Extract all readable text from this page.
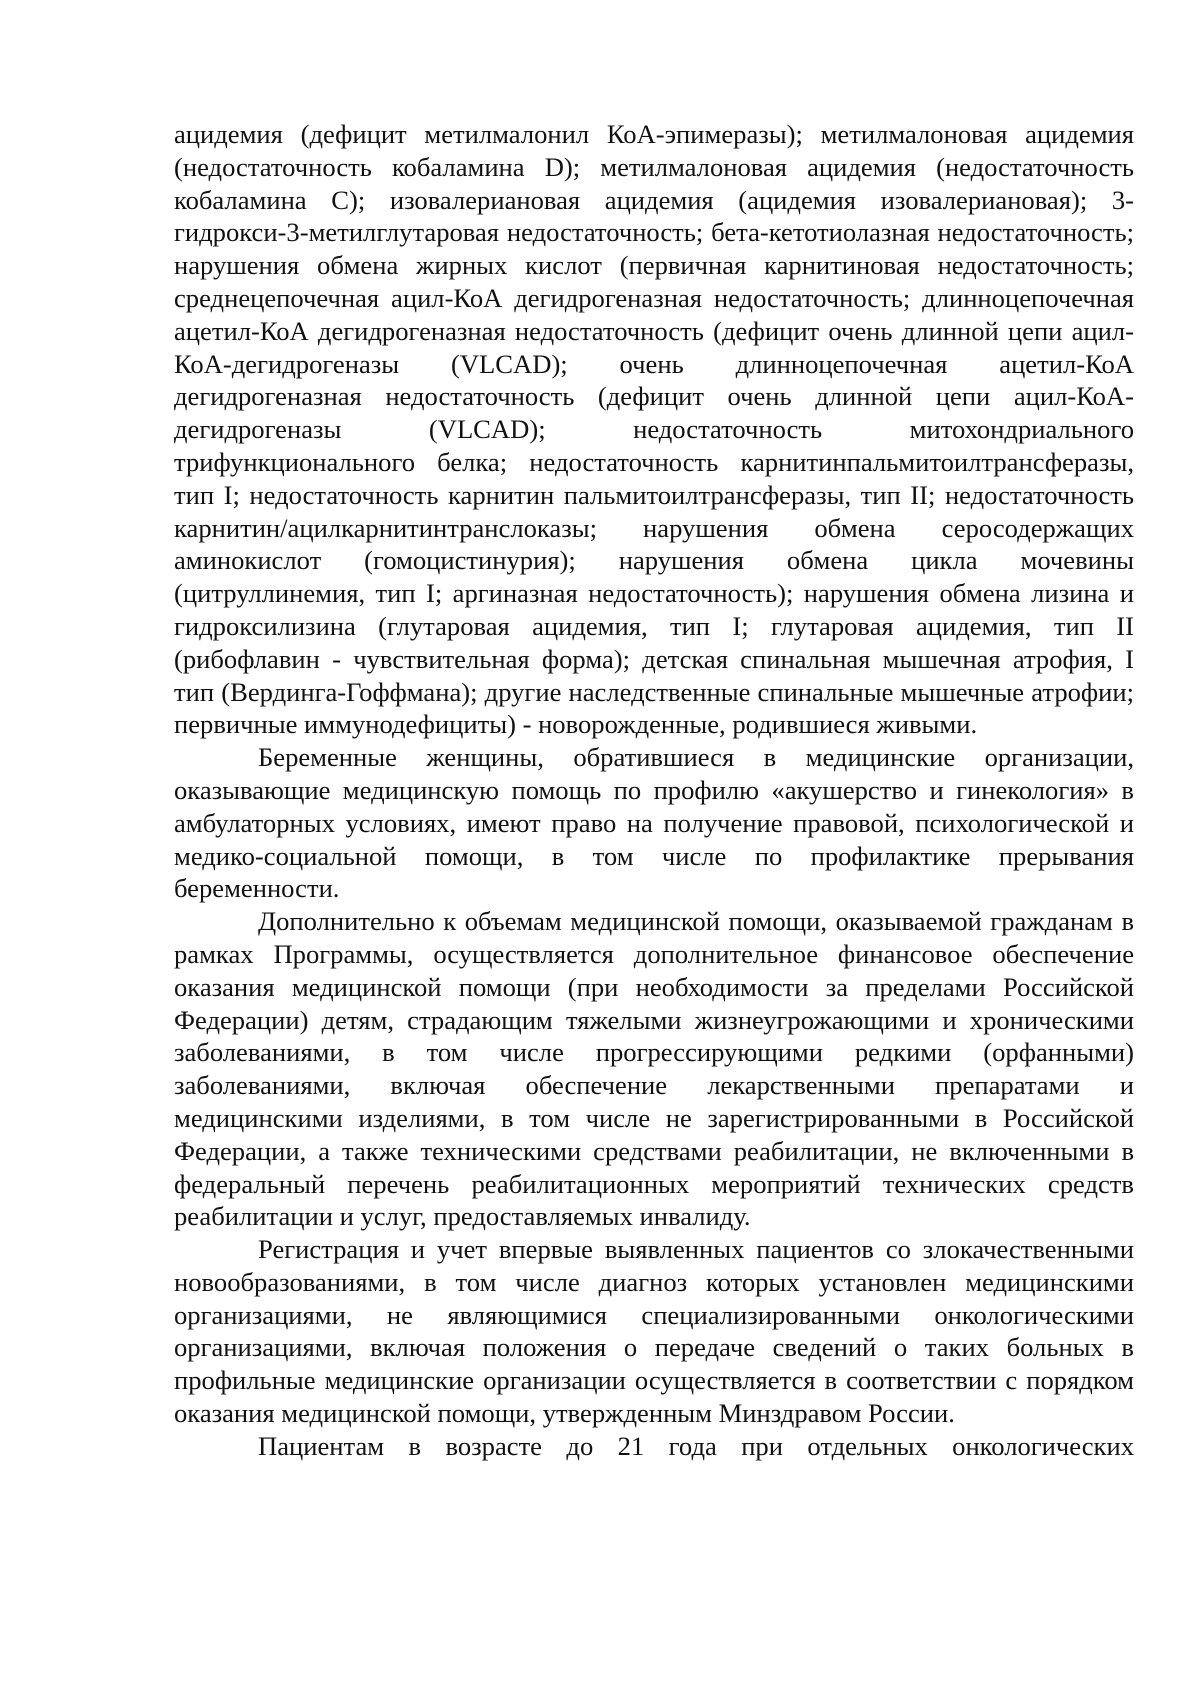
ацидемия (дефицит метилмалонил КоА-эпимеразы); метилмалоновая ацидемия (недостаточность кобаламина D); метилмалоновая ацидемия (недостаточность кобаламина С); изовалериановая ацидемия (ацидемия изовалериановая); 3-гидрокси-3-метилглутаровая недостаточность; бета-кетотиолазная недостаточность; нарушения обмена жирных кислот (первичная карнитиновая недостаточность; среднецепочечная ацил-КоА дегидрогеназная недостаточность; длинноцепочечная ацетил-КоА дегидрогеназная недостаточность (дефицит очень длинной цепи ацил-КоА-дегидрогеназы (VLCAD); очень длинноцепочечная ацетил-КоА дегидрогеназная недостаточность (дефицит очень длинной цепи ацил-КоА-дегидрогеназы (VLCAD); недостаточность митохондриального трифункционального белка; недостаточность карнитинпальмитоилтрансферазы, тип I; недостаточность карнитин пальмитоилтрансферазы, тип II; недостаточность карнитин/ацилкарнитинтранслоказы; нарушения обмена серосодержащих аминокислот (гомоцистинурия); нарушения обмена цикла мочевины (цитруллинемия, тип I; аргиназная недостаточность); нарушения обмена лизина и гидроксилизина (глутаровая ацидемия, тип I; глутаровая ацидемия, тип II (рибофлавин - чувствительная форма); детская спинальная мышечная атрофия, I тип (Вердинга-Гоффмана); другие наследственные спинальные мышечные атрофии; первичные иммунодефициты) - новорожденные, родившиеся живыми.

Беременные женщины, обратившиеся в медицинские организации, оказывающие медицинскую помощь по профилю «акушерство и гинекология» в амбулаторных условиях, имеют право на получение правовой, психологической и медико-социальной помощи, в том числе по профилактике прерывания беременности.

Дополнительно к объемам медицинской помощи, оказываемой гражданам в рамках Программы, осуществляется дополнительное финансовое обеспечение оказания медицинской помощи (при необходимости за пределами Российской Федерации) детям, страдающим тяжелыми жизнеугрожающими и хроническими заболеваниями, в том числе прогрессирующими редкими (орфанными) заболеваниями, включая обеспечение лекарственными препаратами и медицинскими изделиями, в том числе не зарегистрированными в Российской Федерации, а также техническими средствами реабилитации, не включенными в федеральный перечень реабилитационных мероприятий технических средств реабилитации и услуг, предоставляемых инвалиду.

Регистрация и учет впервые выявленных пациентов со злокачественными новообразованиями, в том числе диагноз которых установлен медицинскими организациями, не являющимися специализированными онкологическими организациями, включая положения о передаче сведений о таких больных в профильные медицинские организации осуществляется в соответствии с порядком оказания медицинской помощи, утвержденным Минздравом России.

Пациентам в возрасте до 21 года при отдельных онкологических
